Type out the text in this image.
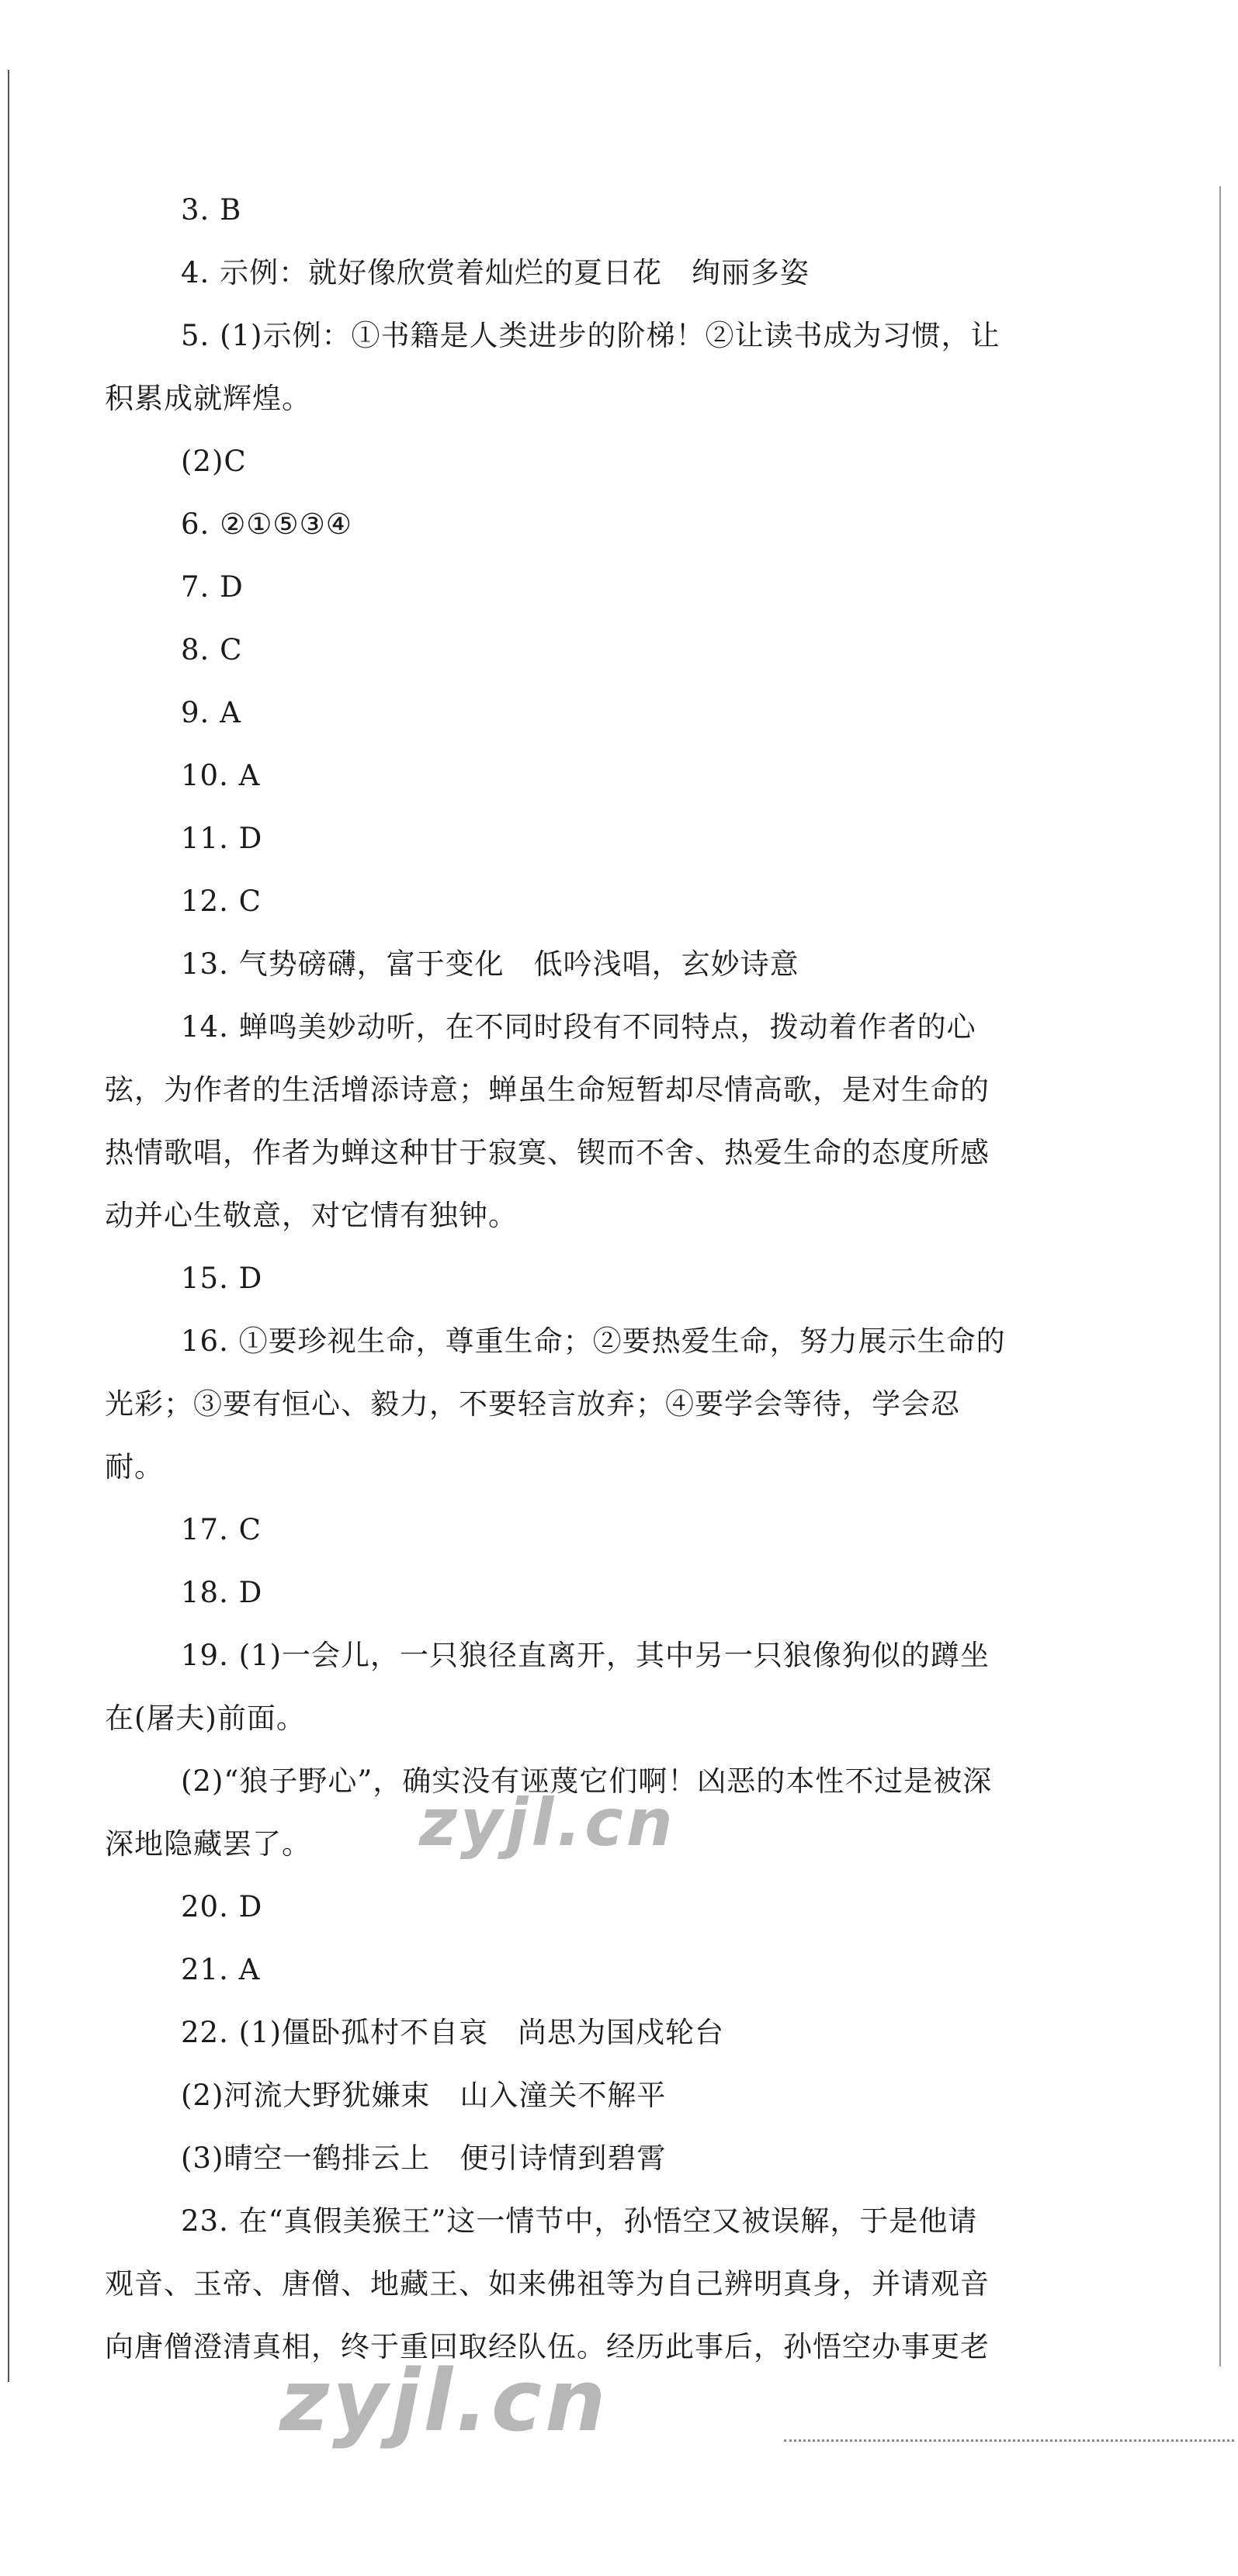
3. B
4. 示例：就好像欣赏着灿烂的夏日花　绚丽多姿
5. (1)示例：①书籍是人类进步的阶梯！②让读书成为习惯，让
积累成就辉煌。
(2)C
6. ②①⑤③④
7. D
8. C
9. A
10. A
11. D
12. C
13. 气势磅礴，富于变化　低吟浅唱，玄妙诗意
14. 蝉鸣美妙动听，在不同时段有不同特点，拨动着作者的心
弦，为作者的生活增添诗意；蝉虽生命短暂却尽情高歌，是对生命的
热情歌唱，作者为蝉这种甘于寂寞、锲而不舍、热爱生命的态度所感
动并心生敬意，对它情有独钟。
15. D
16. ①要珍视生命，尊重生命；②要热爱生命，努力展示生命的
光彩；③要有恒心、毅力，不要轻言放弃；④要学会等待，学会忍
耐。
17. C
18. D
19. (1)一会儿，一只狼径直离开，其中另一只狼像狗似的蹲坐
在(屠夫)前面。
(2)“狼子野心”，确实没有诬蔑它们啊！凶恶的本性不过是被深
深地隐藏罢了。
20. D
21. A
22. (1)僵卧孤村不自哀　尚思为国戍轮台
(2)河流大野犹嫌束　山入潼关不解平
(3)晴空一鹤排云上　便引诗情到碧霄
23. 在“真假美猴王”这一情节中，孙悟空又被误解，于是他请
观音、玉帝、唐僧、地藏王、如来佛祖等为自己辨明真身，并请观音
向唐僧澄清真相，终于重回取经队伍。经历此事后，孙悟空办事更老
zyjl.cn
zyjl.cn
